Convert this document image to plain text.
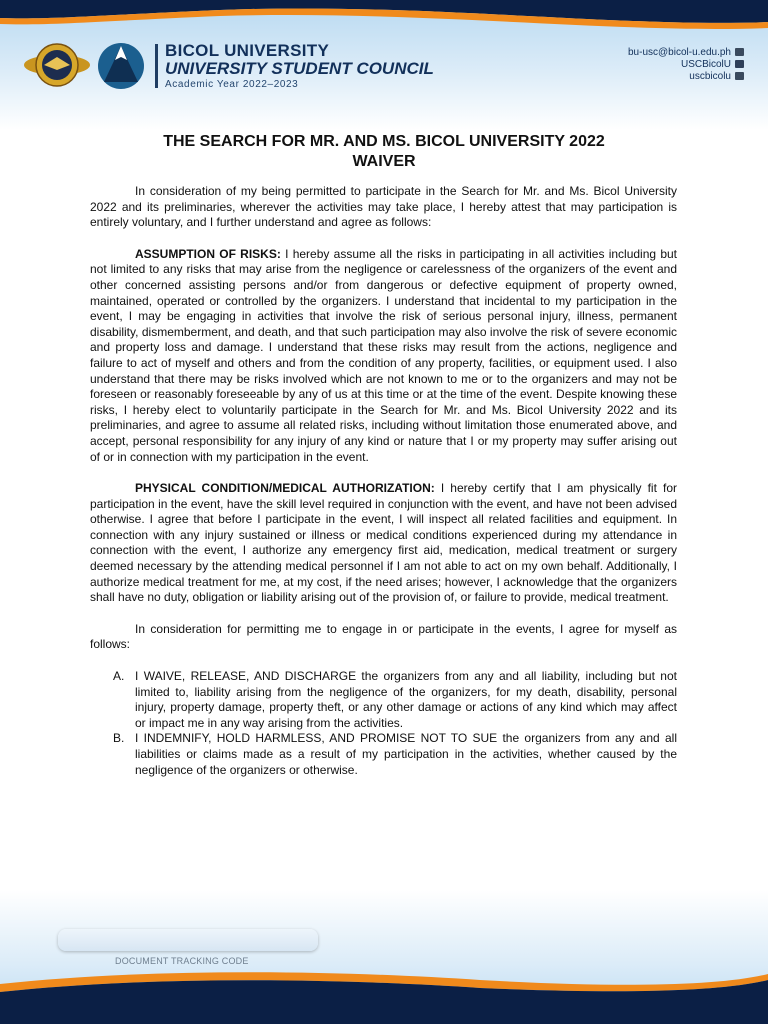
BICOL UNIVERSITY
UNIVERSITY STUDENT COUNCIL
Academic Year 2022–2023
bu-usc@bicol-u.edu.ph
USCBicolU
uscbicolu
THE SEARCH FOR MR. AND MS. BICOL UNIVERSITY 2022
WAIVER

In consideration of my being permitted to participate in the Search for Mr. and Ms. Bicol University 2022 and its preliminaries, wherever the activities may take place, I hereby attest that may participation is entirely voluntary, and I further understand and agree as follows:

ASSUMPTION OF RISKS: I hereby assume all the risks in participating in all activities including but not limited to any risks that may arise from the negligence or carelessness of the organizers of the event and other concerned assisting persons and/or from dangerous or defective equipment of property owned, maintained, operated or controlled by the organizers. I understand that incidental to my participation in the event, I may be engaging in activities that involve the risk of serious personal injury, illness, permanent disability, dismemberment, and death, and that such participation may also involve the risk of severe economic and property loss and damage. I understand that these risks may result from the actions, negligence and failure to act of myself and others and from the condition of any property, facilities, or equipment used. I also understand that there may be risks involved which are not known to me or to the organizers and may not be foreseen or reasonably foreseeable by any of us at this time or at the time of the event. Despite knowing these risks, I hereby elect to voluntarily participate in the Search for Mr. and Ms. Bicol University 2022 and its preliminaries, and agree to assume all related risks, including without limitation those enumerated above, and accept, personal responsibility for any injury of any kind or nature that I or my property may suffer arising out of or in connection with my participation in the event.

PHYSICAL CONDITION/MEDICAL AUTHORIZATION: I hereby certify that I am physically fit for participation in the event, have the skill level required in conjunction with the event, and have not been advised otherwise. I agree that before I participate in the event, I will inspect all related facilities and equipment. In connection with any injury sustained or illness or medical conditions experienced during my attendance in connection with the event, I authorize any emergency first aid, medication, medical treatment or surgery deemed necessary by the attending medical personnel if I am not able to act on my own behalf. Additionally, I authorize medical treatment for me, at my cost, if the need arises; however, I acknowledge that the organizers shall have no duty, obligation or liability arising out of the provision of, or failure to provide, medical treatment.

In consideration for permitting me to engage in or participate in the events, I agree for myself as follows:

A. I WAIVE, RELEASE, AND DISCHARGE the organizers from any and all liability, including but not limited to, liability arising from the negligence of the organizers, for my death, disability, personal injury, property damage, property theft, or any other damage or actions of any kind which may affect or impact me in any way arising from the activities.
B. I INDEMNIFY, HOLD HARMLESS, AND PROMISE NOT TO SUE the organizers from any and all liabilities or claims made as a result of my participation in the activities, whether caused by the negligence of the organizers or otherwise.
DOCUMENT TRACKING CODE
